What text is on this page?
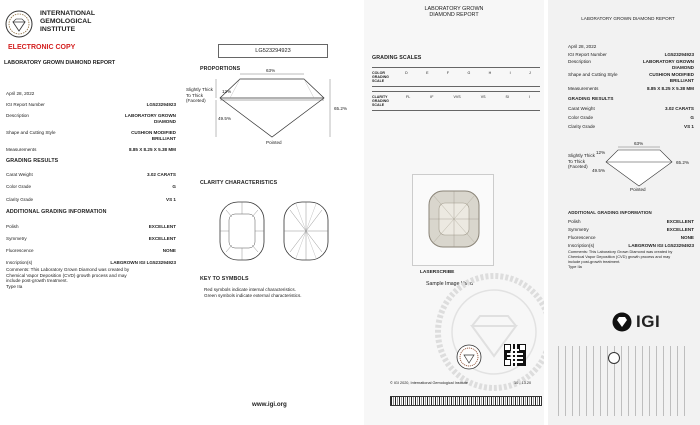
INTERNATIONAL
GEMOLOGICAL
INSTITUTE
ELECTRONIC COPY
LABORATORY GROWN DIAMOND REPORT
April 28, 2022
IGI Report Number	LG523294923
Description	LABORATORY GROWN
DIAMOND
Shape and Cutting Style	CUSHION MODIFIED
BRILLIANT
Measurements	8.85 X 8.25 X 5.38 MM
GRADING RESULTS
Carat Weight	3.02 CARATS
Color Grade	G
Clarity Grade	VS 1
ADDITIONAL GRADING INFORMATION
Polish	EXCELLENT
Symmetry	EXCELLENT
Fluorescence	NONE
Inscription(s)	LABGROWN IGI LG523294923
Comments: This Laboratory Grown Diamond was created by
Chemical Vapor Deposition (CVD) growth process and may
include post-growth treatment.
Type IIa
LG523294923
PROPORTIONS	63%
12%
49.5%
65.2%
Slightly Thick
To Thick
(Faceted)
Pointed
CLARITY CHARACTERISTICS
KEY TO SYMBOLS
Red symbols indicate internal characteristics.
Green symbols indicate external characteristics.
www.igi.org
LABORATORY GROWN
DIAMOND REPORT
GRADING SCALES
COLOR GRADING SCALE
D	E	F	G	H	I	J
CLARITY GRADING SCALE
FL	IF	VVS	VS	SI	I
LASERSCRIBE
Sample Image Used
© IGI 2020, International Gemological Institute	10 - 13.20
LABORATORY GROWN DIAMOND REPORT
April 28, 2022
IGI Report Number	LG523294923
Description	LABORATORY GROWN
DIAMOND
Shape and Cutting Style	CUSHION MODIFIED
BRILLIANT
Measurements	8.85 X 8.25 X 5.38 MM
GRADING RESULTS
Carat Weight	3.02 CARATS
Color Grade	G
Clarity Grade	VS 1
63%
12%
49.5%
65.2%
Slightly Thick
To Thick
(Faceted)
Pointed
ADDITIONAL GRADING INFORMATION
Polish	EXCELLENT
Symmetry	EXCELLENT
Fluorescence	NONE
Inscription(s)	LABGROWN IGI LG523294923
Comments: This Laboratory Grown Diamond was created by
Chemical Vapor Deposition (CVD) growth process and may
include post-growth treatment.
Type IIa
IGI
